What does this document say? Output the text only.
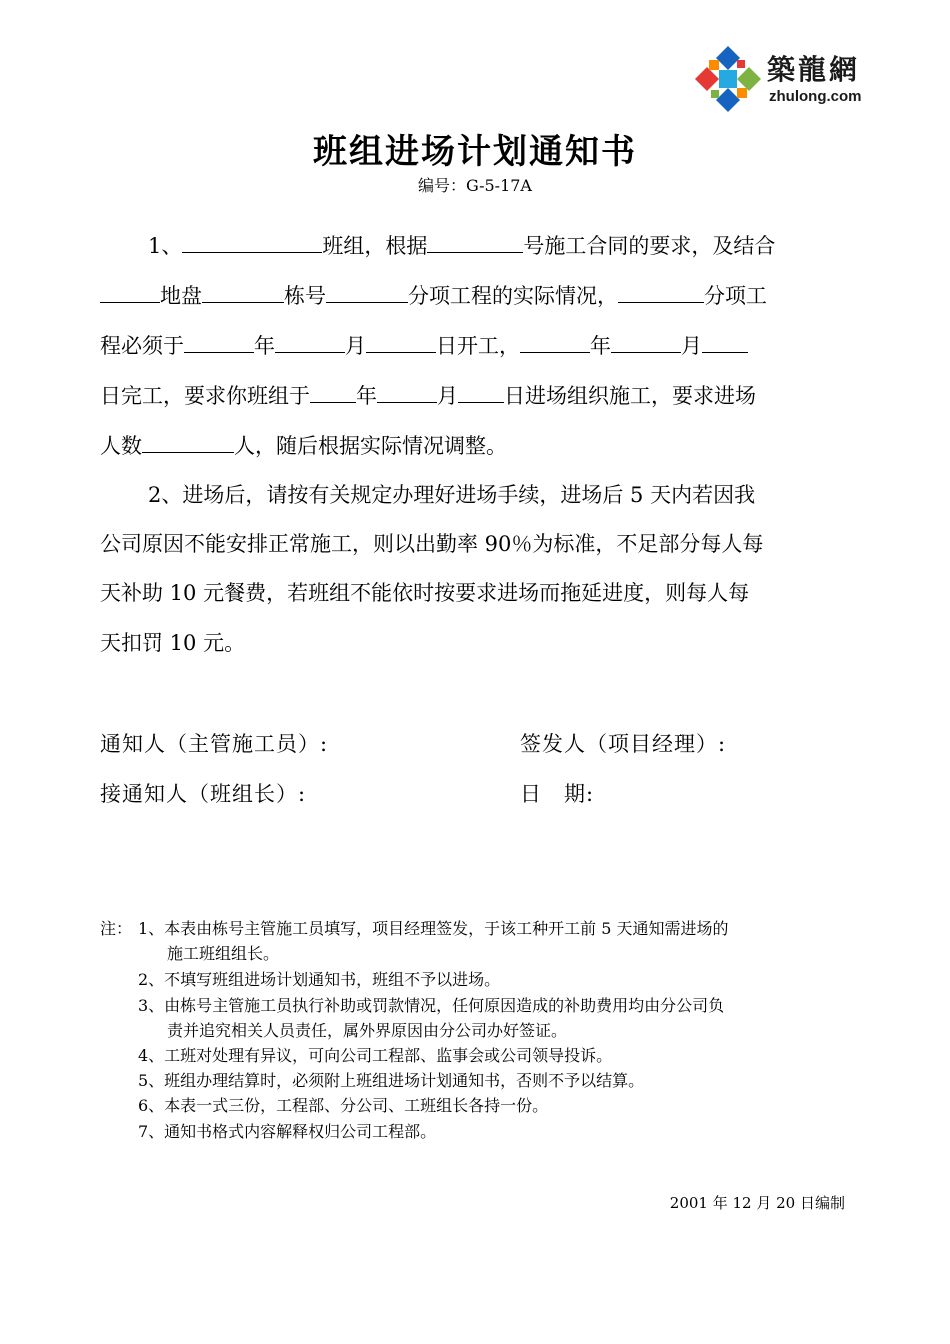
築龍網
zhulong.com
班组进场计划通知书
编号：G-5-17A
1、	班组，根据	号施工合同的要求，及结合
地盘	栋号	分项工程的实际情况，	分项工
程必须于	年	月	日开工，	年	月
日完工，要求你班组于 年	月 日进场组织施工，要求进场
人数	人，随后根据实际情况调整。
2、进场后，请按有关规定办理好进场手续，进场后 5 天内若因我
公司原因不能安排正常施工，则以出勤率 90％为标准，不足部分每人每
天补助 10 元餐费，若班组不能依时按要求进场而拖延进度，则每人每
天扣罚 10 元。
通知人（主管施工员）:	签发人（项目经理）:
接通知人（班组长）:	日　期:
注： 1、本表由栋号主管施工员填写，项目经理签发，于该工种开工前 5 天通知需进场的
施工班组组长。
2、不填写班组进场计划通知书，班组不予以进场。
3、由栋号主管施工员执行补助或罚款情况，任何原因造成的补助费用均由分公司负
责并追究相关人员责任，属外界原因由分公司办好签证。
4、工班对处理有异议，可向公司工程部、监事会或公司领导投诉。
5、班组办理结算时，必须附上班组进场计划通知书，否则不予以结算。
6、本表一式三份，工程部、分公司、工班组长各持一份。
7、通知书格式内容解释权归公司工程部。
2001 年 12 月 20 日编制
